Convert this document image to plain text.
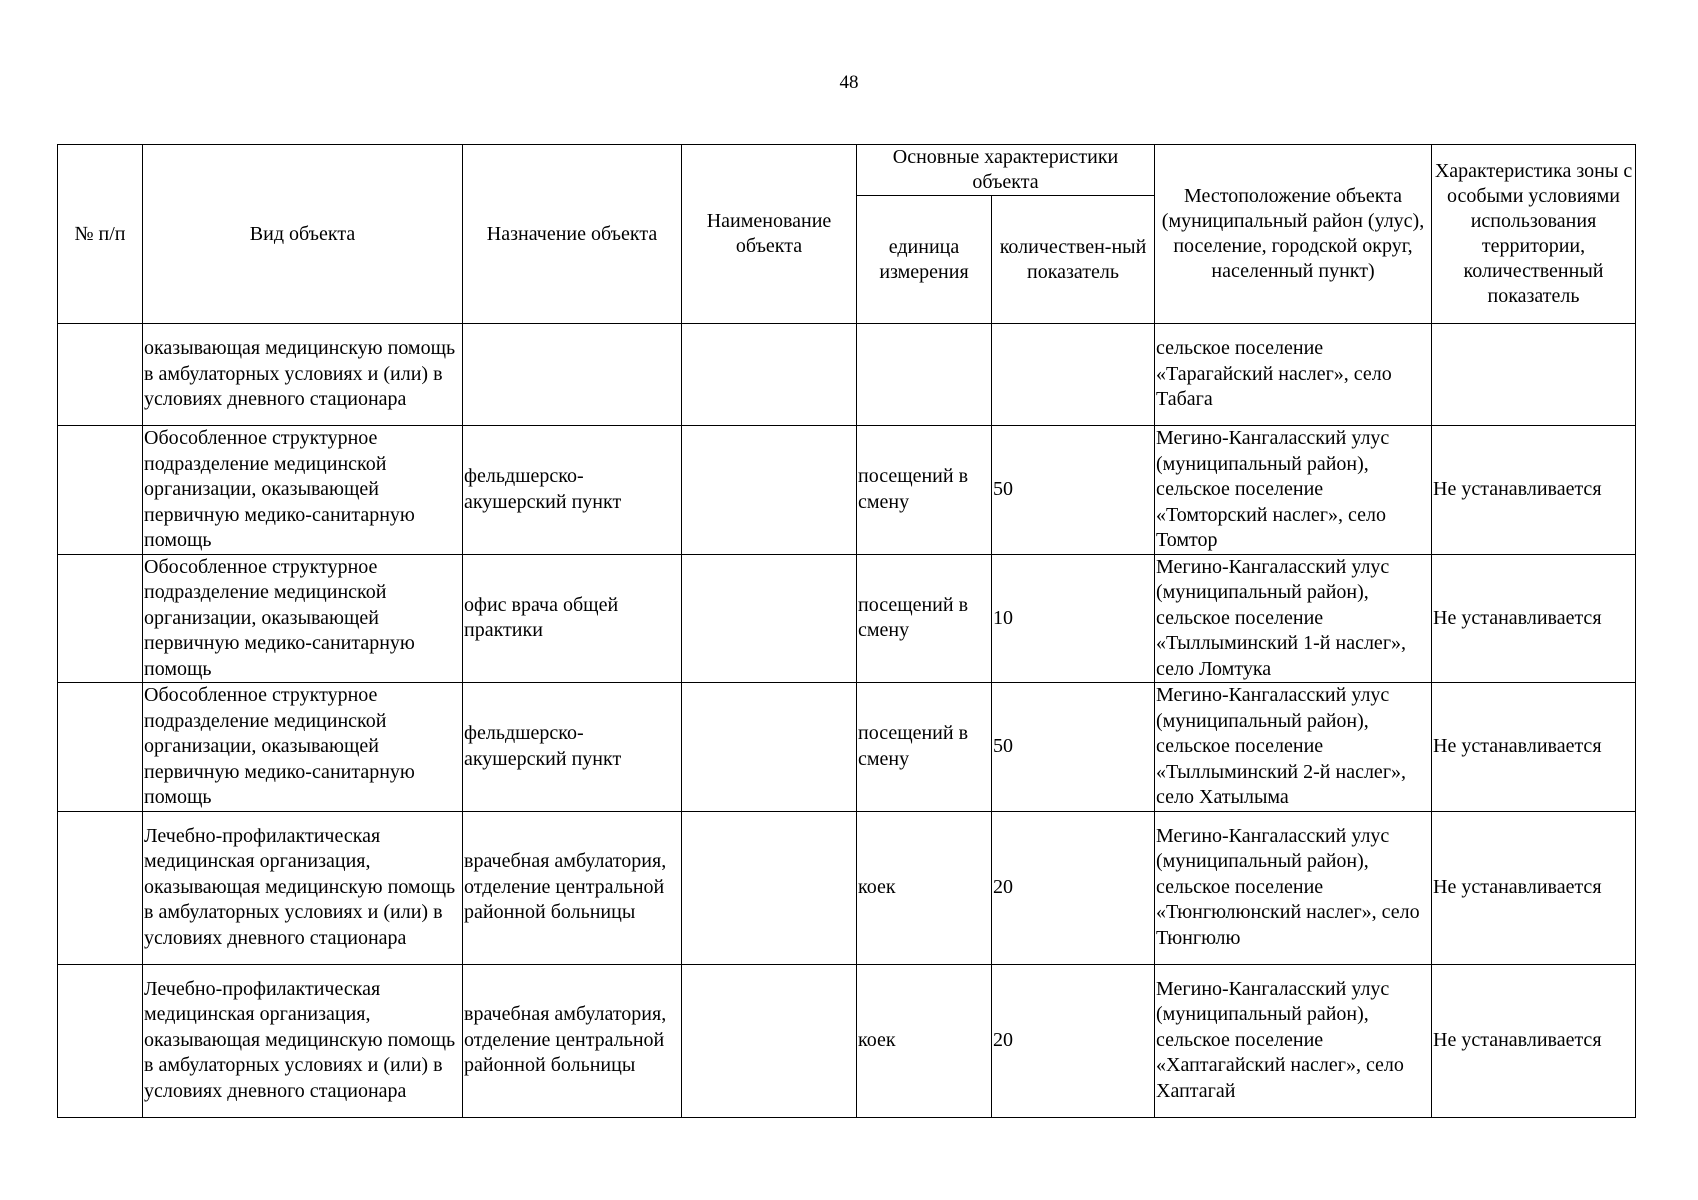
48
№ п/п	Вид объекта	Назначение объекта	Наименование объекта	Основные характеристики объекта		Местоположение объекта (муниципальный район (улус), поселение, городской округ, населенный пункт)	Характеристика зоны с особыми условиями использования территории, количественный показатель
				единица измерения	количествен-ный показатель		
	оказывающая медицинскую помощь в амбулаторных условиях и (или) в условиях дневного стационара					сельское поселение «Тарагайский наслег», село Табага	
	Обособленное структурное подразделение медицинской организации, оказывающей первичную медико-санитарную помощь	фельдшерско-акушерский пункт		посещений в смену	50	Мегино-Кангаласский улус (муниципальный район), сельское поселение «Томторский наслег», село Томтор	Не устанавливается
	Обособленное структурное подразделение медицинской организации, оказывающей первичную медико-санитарную помощь	офис врача общей практики		посещений в смену	10	Мегино-Кангаласский улус (муниципальный район), сельское поселение «Тыллыминский 1-й наслег», село Ломтука	Не устанавливается
	Обособленное структурное подразделение медицинской организации, оказывающей первичную медико-санитарную помощь	фельдшерско-акушерский пункт		посещений в смену	50	Мегино-Кангаласский улус (муниципальный район), сельское поселение «Тыллыминский 2-й наслег», село Хатылыма	Не устанавливается
	Лечебно-профилактическая медицинская организация, оказывающая медицинскую помощь в амбулаторных условиях и (или) в условиях дневного стационара	врачебная амбулатория, отделение центральной районной больницы		коек	20	Мегино-Кангаласский улус (муниципальный район), сельское поселение «Тюнгюлюнский наслег», село Тюнгюлю	Не устанавливается
	Лечебно-профилактическая медицинская организация, оказывающая медицинскую помощь в амбулаторных условиях и (или) в условиях дневного стационара	врачебная амбулатория, отделение центральной районной больницы		коек	20	Мегино-Кангаласский улус (муниципальный район), сельское поселение «Хаптагайский наслег», село Хаптагай	Не устанавливается
